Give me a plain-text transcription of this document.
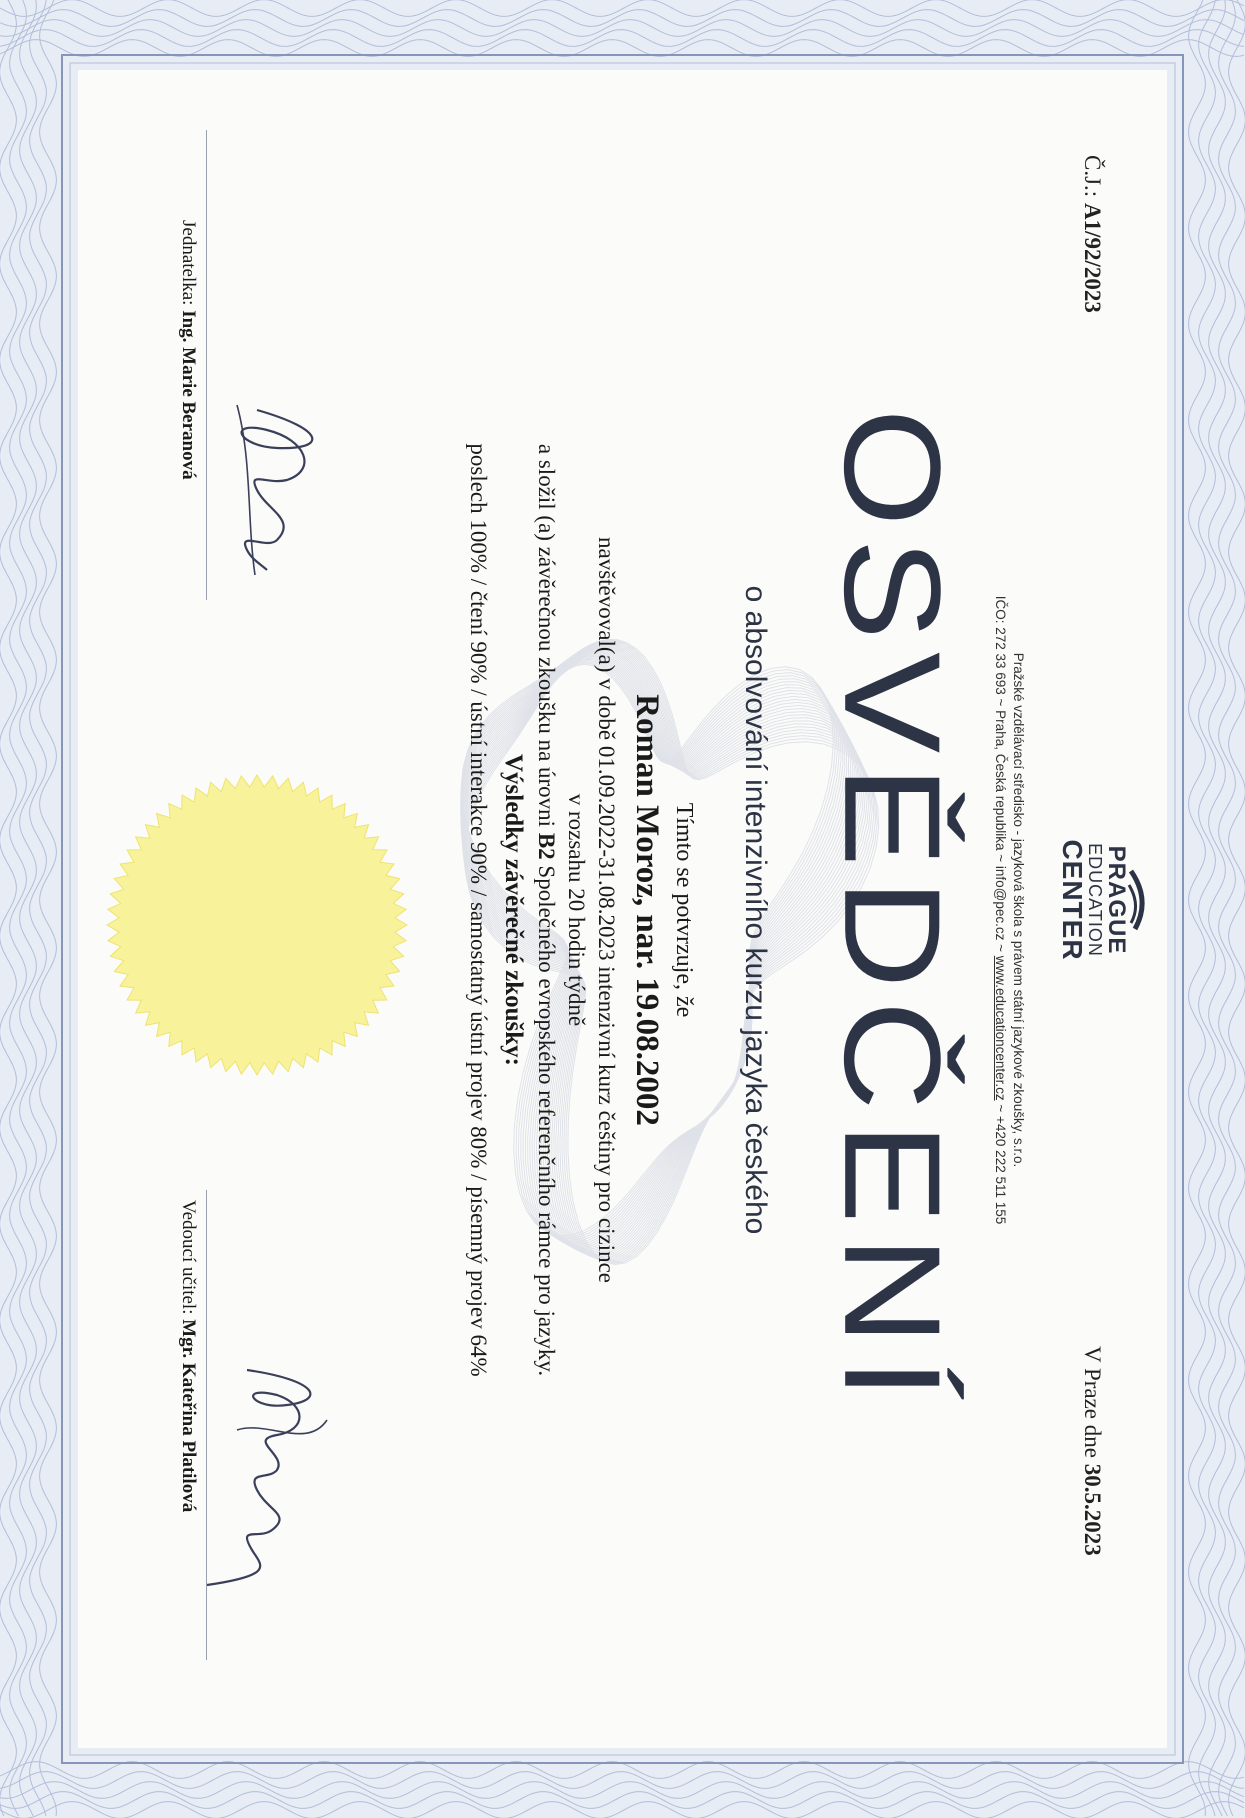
Č.J.: A1/92/2023
V Praze dne 30.5.2023
PRAGUE
EDUCATION
CENTER
Pražské vzdělávací středisko - jazyková škola s právem státní jazykové zkoušky, s.r.o.
IČO: 272 33 693 ~ Praha, Česká republika ~ info@pec.cz ~ www.educationcenter.cz ~ +420 222 511 155
OSVĚDČENÍ
o absolvování intenzivního kurzu jazyka českého
Tímto se potvrzuje, že
Roman Moroz, nar. 19.08.2002
navštěvoval(a) v době 01.09.2022-31.08.2023 intenzivní kurz češtiny pro cizince
v rozsahu 20 hodin týdně
a složil (a) závěrečnou zkoušku na úrovni B2 Společného evropského referenčního rámce pro jazyky.
Výsledky závěrečné zkoušky:
poslech 100% / čtení 90% / ústní interakce 90% / samostatný ústní projev 80% / písemný projev 64%
Jednatelka: Ing. Marie Beranová
Vedoucí učitel: Mgr. Kateřina Platilová
